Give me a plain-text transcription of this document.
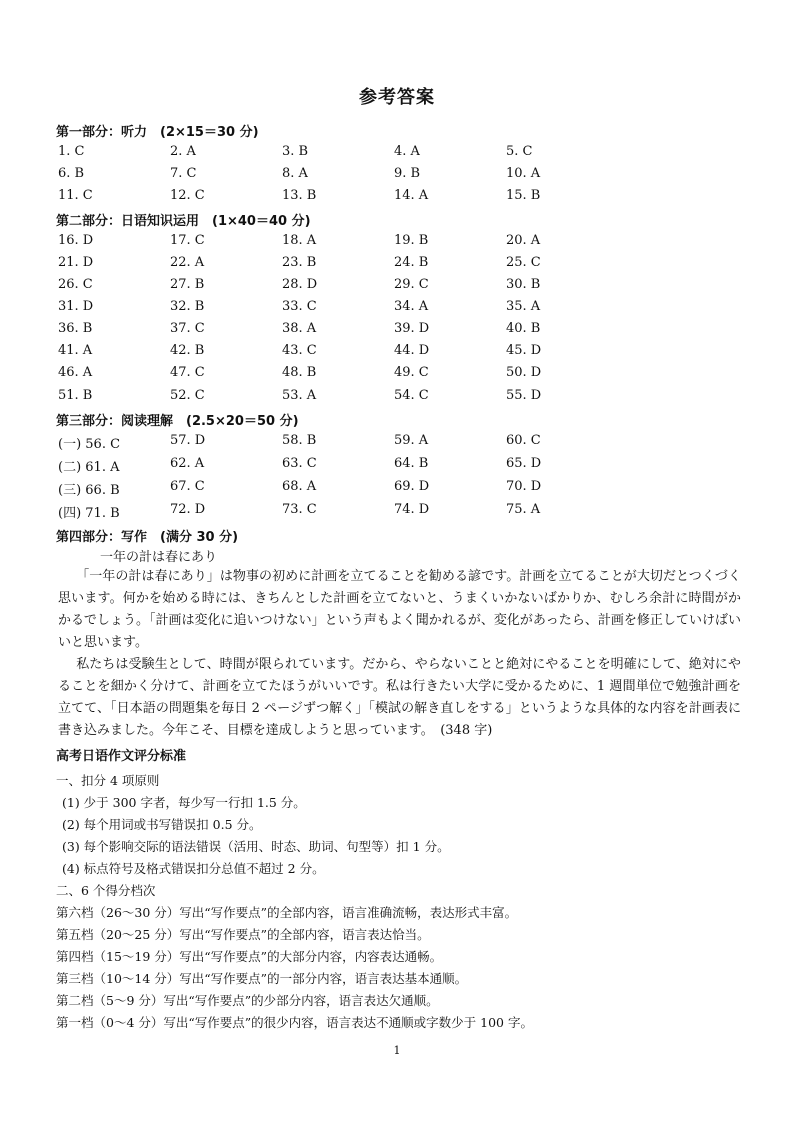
参考答案
第一部分：听力　(2×15＝30 分)
1. C	2. A	3. B	4. A	5. C
6. B	7. C	8. A	9. B	10. A
11. C	12. C	13. B	14. A	15. B
第二部分：日语知识运用　(1×40＝40 分)
16. D	17. C	18. A	19. B	20. A
21. D	22. A	23. B	24. B	25. C
26. C	27. B	28. D	29. C	30. B
31. D	32. B	33. C	34. A	35. A
36. B	37. C	38. A	39. D	40. B
41. A	42. B	43. C	44. D	45. D
46. A	47. C	48. B	49. C	50. D
51. B	52. C	53. A	54. C	55. D
第三部分：阅读理解　(2.5×20＝50 分)
(一) 56. C	57. D	58. B	59. A	60. C
(二) 61. A	62. A	63. C	64. B	65. D
(三) 66. B	67. C	68. A	69. D	70. D
(四) 71. B	72. D	73. C	74. D	75. A
第四部分：写作　(满分 30 分)
一年の計は春にあり

「一年の計は春にあり」は物事の初めに計画を立てることを勧める諺です。計画を立てることが大切だとつくづく思います。何かを始める時には、きちんとした計画を立てないと、うまくいかないばかりか、むしろ余計に時間がかかるでしょう。「計画は変化に追いつけない」という声もよく聞かれるが、変化があったら、計画を修正していけばいいと思います。

私たちは受験生として、時間が限られています。だから、やらないことと絶対にやることを明確にして、絶対にやることを細かく分けて、計画を立てたほうがいいです。私は行きたい大学に受かるために、1 週間単位で勉強計画を立てて、「日本語の問題集を毎日 2 ページずつ解く」「模試の解き直しをする」というような具体的な内容を計画表に書き込みました。今年こそ、目標を達成しようと思っています。　(348 字)

高考日语作文评分标准
一、扣分 4 项原则
(1) 少于 300 字者，每少写一行扣 1.5 分。
(2) 每个用词或书写错误扣 0.5 分。
(3) 每个影响交际的语法错误（活用、时态、助词、句型等）扣 1 分。
(4) 标点符号及格式错误扣分总值不超过 2 分。
二、6 个得分档次
第六档（26～30 分）写出“写作要点”的全部内容，语言准确流畅，表达形式丰富。
第五档（20～25 分）写出“写作要点”的全部内容，语言表达恰当。
第四档（15～19 分）写出“写作要点”的大部分内容，内容表达通畅。
第三档（10～14 分）写出“写作要点”的一部分内容，语言表达基本通顺。
第二档（5～9 分）写出“写作要点”的少部分内容，语言表达欠通顺。
第一档（0～4 分）写出“写作要点”的很少内容，语言表达不通顺或字数少于 100 字。
1
